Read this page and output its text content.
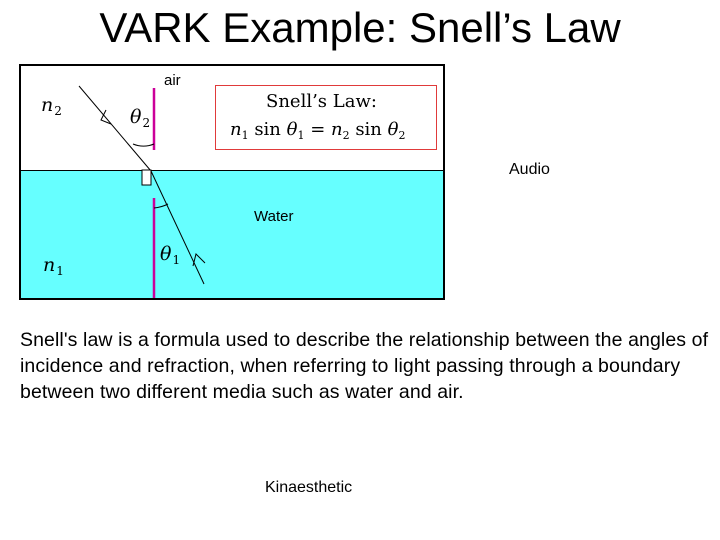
VARK Example: Snell’s Law
$n_2$
$n_1$
$\theta_2$
$\theta_1$
air
Water
Snell’s Law:
$n_1$ $\sin \theta_1 = n_2$ $\sin \theta_2$
Audio
Snell's law is a formula used to describe the relationship between the angles of incidence and refraction, when referring to light passing through a boundary between two different media such as water and air.
Kinaesthetic
